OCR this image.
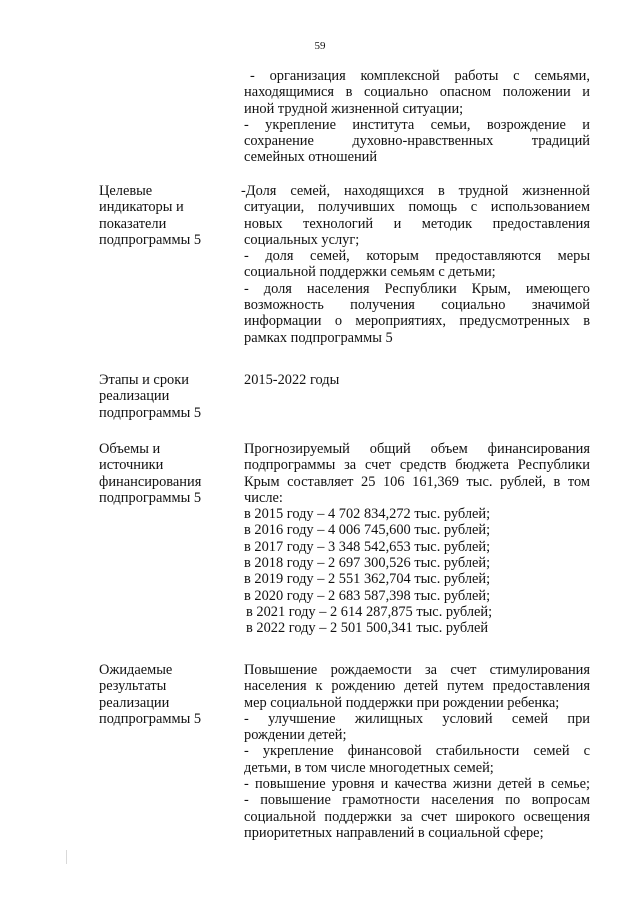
59
- организация комплексной работы с семьями,
находящимися в социально опасном положении и
иной трудной жизненной ситуации;
- укрепление института семьи, возрождение и
сохранение духовно-нравственных традиций
семейных отношений
Целевые
индикаторы и
показатели
подпрограммы 5
-Доля семей, находящихся в трудной жизненной
ситуации, получивших помощь с использованием
новых технологий и методик предоставления
социальных услуг;
- доля семей, которым предоставляются меры
социальной поддержки семьям с детьми;
- доля населения Республики Крым, имеющего
возможность получения социально значимой
информации о мероприятиях, предусмотренных в
рамках подпрограммы 5
Этапы и сроки
реализации
подпрограммы 5
2015-2022 годы
Объемы и
источники
финансирования
подпрограммы 5
Прогнозируемый общий объем финансирования
подпрограммы за счет средств бюджета Республики
Крым составляет 25 106 161,369 тыс. рублей, в том
числе:
в 2015 году – 4 702 834,272 тыс. рублей;
в 2016 году – 4 006 745,600 тыс. рублей;
в 2017 году – 3 348 542,653 тыс. рублей;
в 2018 году – 2 697 300,526 тыс. рублей;
в 2019 году – 2 551 362,704 тыс. рублей;
в 2020 году – 2 683 587,398 тыс. рублей;
в 2021 году – 2 614 287,875 тыс. рублей;
в 2022 году – 2 501 500,341 тыс. рублей
Ожидаемые
результаты
реализации
подпрограммы 5
Повышение рождаемости за счет стимулирования
населения к рождению детей путем предоставления
мер социальной поддержки при рождении ребенка;
- улучшение жилищных условий семей при
рождении детей;
- укрепление финансовой стабильности семей с
детьми, в том числе многодетных семей;
- повышение уровня и качества жизни детей в семье;
- повышение грамотности населения по вопросам
социальной поддержки за счет широкого освещения
приоритетных направлений в социальной сфере;
